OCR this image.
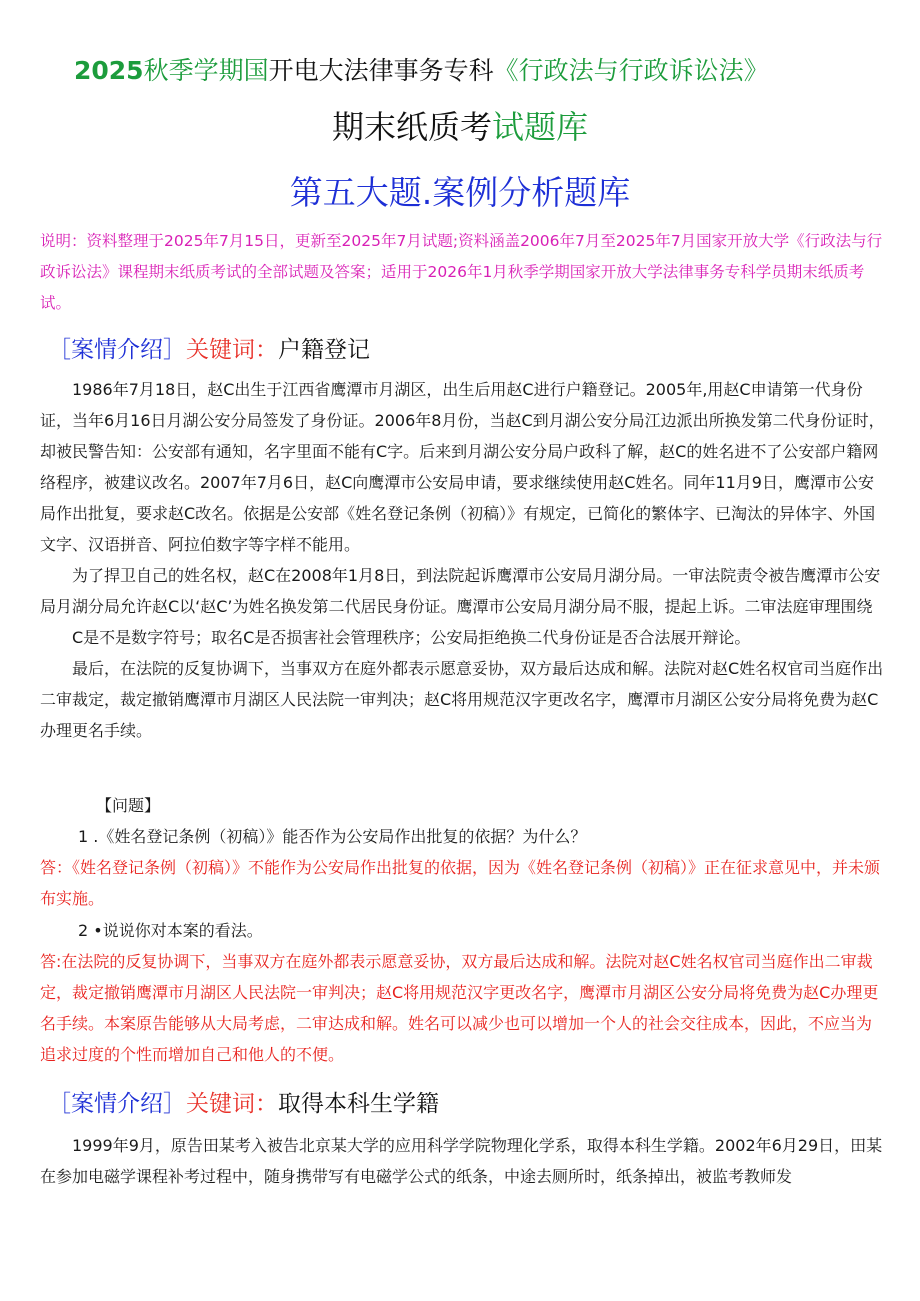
2025秋季学期国开电大法律事务专科《行政法与行政诉讼法》
期末纸质考试题库
第五大题.案例分析题库
说明：资料整理于2025年7月15日，更新至2025年7月试题;资料涵盖2006年7月至2025年7月国家开放大学《行政法与行政诉讼法》课程期末纸质考试的全部试题及答案；适用于2026年1月秋季学期国家开放大学法律事务专科学员期末纸质考试。
［案情介绍］关键词：户籍登记

1986年7月18日，赵C出生于江西省鹰潭市月湖区，出生后用赵C进行户籍登记。2005年,用赵C申请第一代身份证，当年6月16日月湖公安分局签发了身份证。2006年8月份，当赵C到月湖公安分局江边派出所换发第二代身份证时，却被民警告知：公安部有通知，名字里面不能有C字。后来到月湖公安分局户政科了解，赵C的姓名进不了公安部户籍网络程序，被建议改名。2007年7月6日，赵C向鹰潭市公安局申请，要求继续使用赵C姓名。同年11月9日，鹰潭市公安局作出批复，要求赵C改名。依据是公安部《姓名登记条例（初稿）》有规定，已简化的繁体字、已淘汰的异体字、外国文字、汉语拼音、阿拉伯数字等字样不能用。

为了捍卫自己的姓名权，赵C在2008年1月8日，到法院起诉鹰潭市公安局月湖分局。一审法院责令被告鹰潭市公安局月湖分局允许赵C以‘赵C’为姓名换发第二代居民身份证。鹰潭市公安局月湖分局不服，提起上诉。二审法庭审理围绕

C是不是数字符号；取名C是否损害社会管理秩序；公安局拒绝换二代身份证是否合法展开辩论。

最后，在法院的反复协调下，当事双方在庭外都表示愿意妥协，双方最后达成和解。法院对赵C姓名权官司当庭作出二审裁定，裁定撤销鹰潭市月湖区人民法院一审判决；赵C将用规范汉字更改名字，鹰潭市月湖区公安分局将免费为赵C办理更名手续。

【问题】
1 .《姓名登记条例（初稿）》能否作为公安局作出批复的依据？为什么？
答：《姓名登记条例（初稿）》不能作为公安局作出批复的依据，因为《姓名登记条例（初稿）》正在征求意见中，并未颁布实施。
2 •说说你对本案的看法。
答:在法院的反复协调下，当事双方在庭外都表示愿意妥协，双方最后达成和解。法院对赵C姓名权官司当庭作出二审裁定，裁定撤销鹰潭市月湖区人民法院一审判决；赵C将用规范汉字更改名字，鹰潭市月湖区公安分局将免费为赵C办理更名手续。本案原告能够从大局考虑，二审达成和解。姓名可以减少也可以增加一个人的社会交往成本，因此，不应当为追求过度的个性而增加自己和他人的不便。
［案情介绍］关键词：取得本科生学籍

1999年9月，原告田某考入被告北京某大学的应用科学学院物理化学系，取得本科生学籍。2002年6月29日，田某在参加电磁学课程补考过程中，随身携带写有电磁学公式的纸条，中途去厕所时，纸条掉出，被监考教师发
